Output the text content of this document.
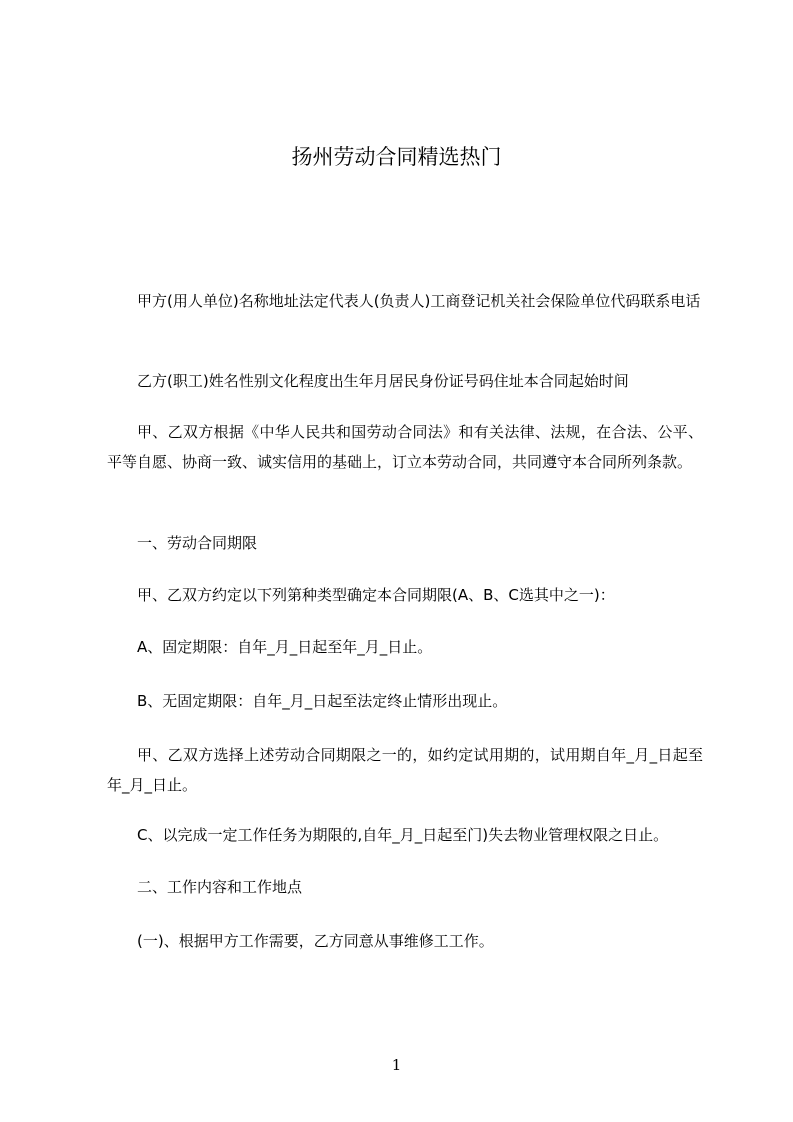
扬州劳动合同精选热门

甲方(用人单位)名称地址法定代表人(负责人)工商登记机关社会保险单位代码联系电话

乙方(职工)姓名性别文化程度出生年月居民身份证号码住址本合同起始时间

甲、乙双方根据《中华人民共和国劳动合同法》和有关法律、法规，在合法、公平、平等自愿、协商一致、诚实信用的基础上，订立本劳动合同，共同遵守本合同所列条款。

一、劳动合同期限

甲、乙双方约定以下列第种类型确定本合同期限(A、B、C选其中之一)：

A、固定期限：自年_月_日起至年_月_日止。

B、无固定期限：自年_月_日起至法定终止情形出现止。

甲、乙双方选择上述劳动合同期限之一的，如约定试用期的，试用期自年_月_日起至年_月_日止。

C、以完成一定工作任务为期限的,自年_月_日起至门)失去物业管理权限之日止。

二、工作内容和工作地点

(一)、根据甲方工作需要，乙方同意从事维修工工作。

1
